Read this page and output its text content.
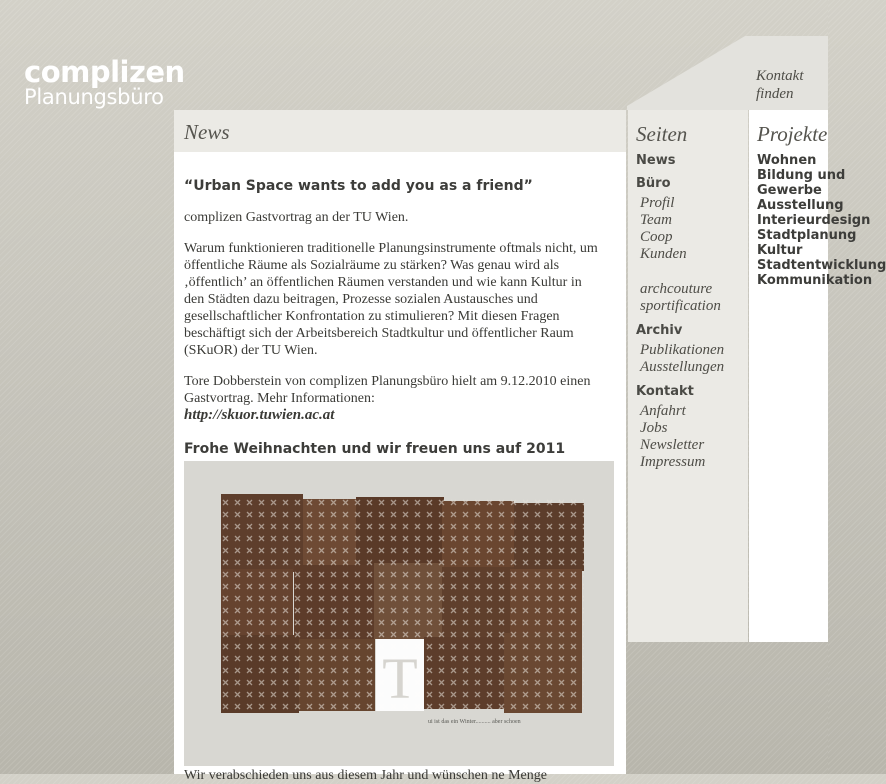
complizen
Planungsbüro
Kontakt
finden
News
“Urban Space wants to add you as a friend”
complizen Gastvortrag an der TU Wien.
Warum funktionieren traditionelle Planungsinstrumente oftmals nicht, um öffentliche Räume als Sozialräume zu stärken? Was genau wird als ‚öffentlich’ an öffentlichen Räumen verstanden und wie kann Kultur in den Städten dazu beitragen, Prozesse sozialen Austausches und gesellschaftlicher Konfrontation zu stimulieren? Mit diesen Fragen beschäftigt sich der Arbeitsbereich Stadtkultur und öffentlicher Raum (SKuOR) der TU Wien.
Tore Dobberstein von complizen Planungsbüro hielt am 9.12.2010 einen Gastvortrag. Mehr Informationen:
http://skuor.tuwien.ac.at
Frohe Weihnachten und wir freuen uns auf 2011
T
ui ist das ein Winter.......... aber schoen
Wir verabschieden uns aus diesem Jahr und wünschen ne Menge
Seiten
News
Büro
Profil
Team
Coop
Kunden
archcouture
sportification
Archiv
Publikationen
Ausstellungen
Kontakt
Anfahrt
Jobs
Newsletter
Impressum
Projekte
Wohnen
Bildung und
Gewerbe
Ausstellung
Interieurdesign
Stadtplanung
Kultur
Stadtentwicklung
Kommunikation
